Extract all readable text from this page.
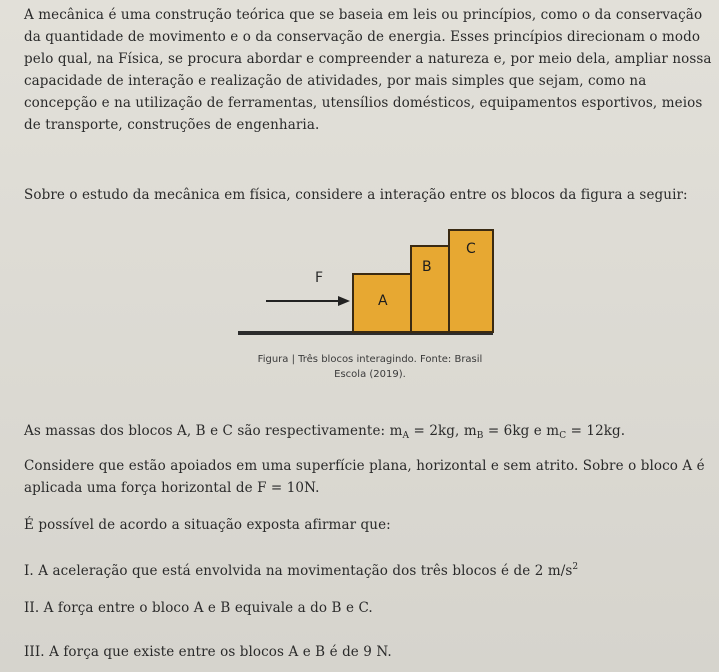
A mecânica é uma construção teórica que se baseia em leis ou princípios, como o da conservação da quantidade de movimento e o da conservação de energia. Esses princípios direcionam o modo pelo qual, na Física, se procura abordar e compreender a natureza e, por meio dela, ampliar nossa capacidade de interação e realização de atividades, por mais simples que sejam, como na concepção e na utilização de ferramentas, utensílios domésticos, equipamentos esportivos, meios de transporte, construções de engenharia.
Sobre o estudo da mecânica em física, considere a interação entre os blocos da figura a seguir:
F
A
B
C
Figura | Três blocos interagindo. Fonte: Brasil
Escola (2019).
As massas dos blocos A, B e C são respectivamente: $m_A = 2kg$, $m_B = 6kg$ e $m_C = 12kg$.
Considere que estão apoiados em uma superfície plana, horizontal e sem atrito. Sobre o bloco A é aplicada uma força horizontal de F = 10N.
É possível de acordo a situação exposta afirmar que:
I. A aceleração que está envolvida na movimentação dos três blocos é de 2 $m/s^2$
II. A força entre o bloco A e B equivale a do B e C.
III. A força que existe entre os blocos A e B é de 9 N.
